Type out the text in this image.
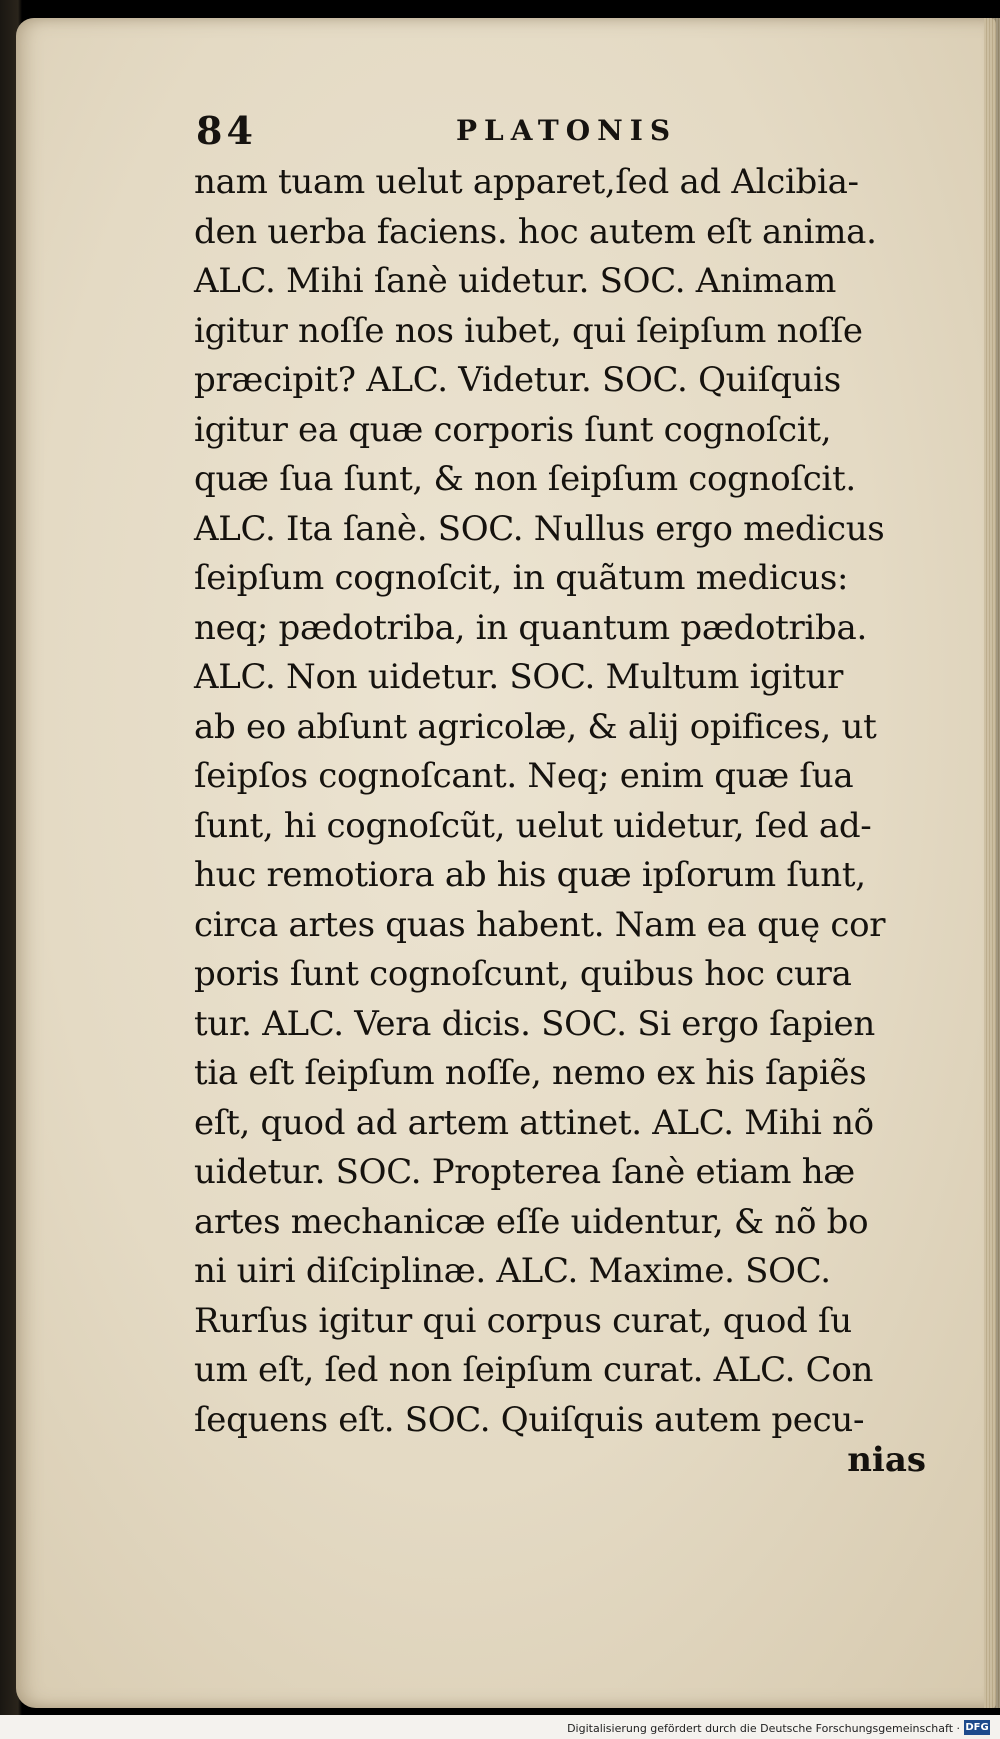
84	PLATONIS
nam tuam uelut apparet,ſed ad Alcibia-
den uerba faciens. hoc autem eſt anima.
ALC. Mihi ſanè uidetur. SOC. Animam
igitur noſſe nos iubet, qui ſeipſum noſſe
præcipit? ALC. Videtur. SOC. Quiſquis
igitur ea quæ corporis ſunt cognoſcit,
quæ ſua ſunt, & non ſeipſum cognoſcit.
ALC. Ita ſanè. SOC. Nullus ergo medicus
ſeipſum cognoſcit, in quãtum medicus:
neq; pædotriba, in quantum pædotriba.
ALC. Non uidetur. SOC. Multum igitur
ab eo abſunt agricolæ, & alij opifices, ut
ſeipſos cognoſcant. Neq; enim quæ ſua
ſunt, hi cognoſcũt, uelut uidetur, ſed ad-
huc remotiora ab his quæ ipſorum ſunt,
circa artes quas habent. Nam ea quę cor
poris ſunt cognoſcunt, quibus hoc cura
tur. ALC. Vera dicis. SOC. Si ergo ſapien
tia eſt ſeipſum noſſe, nemo ex his ſapiẽs
eſt, quod ad artem attinet. ALC. Mihi nõ
uidetur. SOC. Propterea ſanè etiam hæ
artes mechanicæ eſſe uidentur, & nõ bo
ni uiri diſciplinæ. ALC. Maxime. SOC.
Rurſus igitur qui corpus curat, quod ſu
um eſt, ſed non ſeipſum curat. ALC. Con
ſequens eſt. SOC. Quiſquis autem pecu-
nias
Digitalisierung gefördert durch die Deutsche Forschungsgemeinschaft · DFG
